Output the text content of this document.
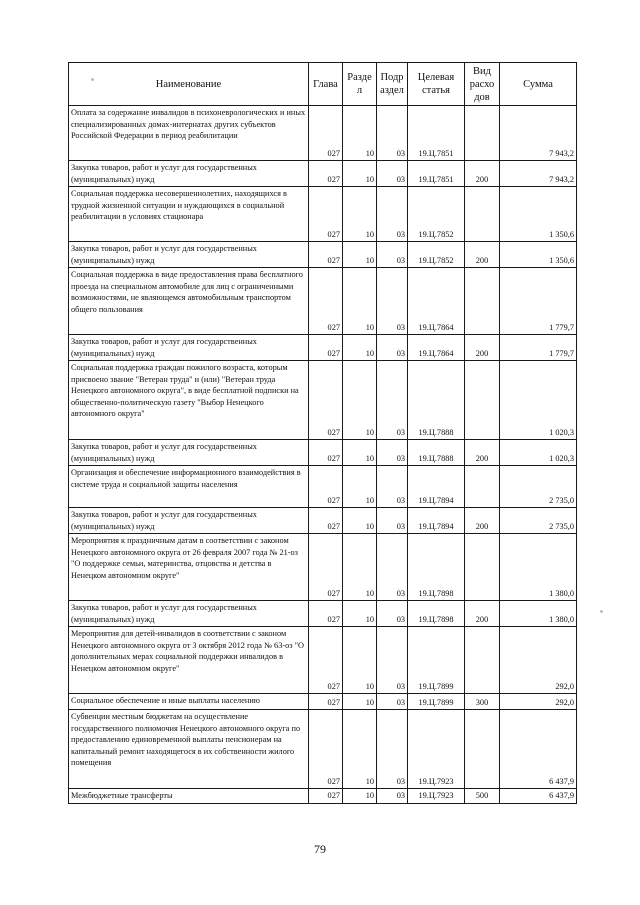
Наименование	Глава	Разде л	Подр аздел	Целевая статья	Вид расхо дов	Сумма
Оплата за содержание инвалидов в психоневрологических и иных специализированных домах-интернатах других субъектов Российской Федерации в период реабилитации	027	10	03	19.Ц.7851		7 943,2
Закупка товаров, работ и услуг для государственных (муниципальных) нужд	027	10	03	19.Ц.7851	200	7 943,2
Социальная поддержка несовершеннолетних, находящихся в трудной жизненной ситуации и нуждающихся в социальной реабилитации в условиях стационара	027	10	03	19.Ц.7852		1 350,6
Закупка товаров, работ и услуг для государственных (муниципальных) нужд	027	10	03	19.Ц.7852	200	1 350,6
Социальная поддержка в виде предоставления права бесплатного проезда на специальном автомобиле для лиц с ограниченными возможностями, не являющемся автомобильным транспортом общего пользования	027	10	03	19.Ц.7864		1 779,7
Закупка товаров, работ и услуг для государственных (муниципальных) нужд	027	10	03	19.Ц.7864	200	1 779,7
Социальная поддержка граждан пожилого возраста, которым присвоено звание "Ветеран труда" и (или) "Ветеран труда Ненецкого автономного округа", в виде бесплатной подписки на общественно-политическую газету "Выбор Ненецкого автономного округа"	027	10	03	19.Ц.7888		1 020,3
Закупка товаров, работ и услуг для государственных (муниципальных) нужд	027	10	03	19.Ц.7888	200	1 020,3
Организация и обеспечение информационного взаимодействия в системе труда и социальной защиты населения	027	10	03	19.Ц.7894		2 735,0
Закупка товаров, работ и услуг для государственных (муниципальных) нужд	027	10	03	19.Ц.7894	200	2 735,0
Мероприятия к праздничным датам в соответствии с законом Ненецкого автономного округа от 26 февраля 2007 года № 21-оз "О поддержке семьи, материнства, отцовства и детства в Ненецком автономном округе"	027	10	03	19.Ц.7898		1 380,0
Закупка товаров, работ и услуг для государственных (муниципальных) нужд	027	10	03	19.Ц.7898	200	1 380,0
Мероприятия для детей-инвалидов в соответствии с законом Ненецкого автономного округа от 3 октября 2012 года № 63-оз "О дополнительных мерах социальной поддержки инвалидов в Ненецком автономном округе"	027	10	03	19.Ц.7899		292,0
Социальное обеспечение и иные выплаты населению	027	10	03	19.Ц.7899	300	292,0
Субвенции местным бюджетам на осуществление государственного полномочия Ненецкого автономного округа по предоставлению единовременной выплаты пенсионерам на капитальный ремонт находящегося в их собственности жилого помещения	027	10	03	19.Ц.7923		6 437,9
Межбюджетные трансферты	027	10	03	19.Ц.7923	500	6 437,9
79
